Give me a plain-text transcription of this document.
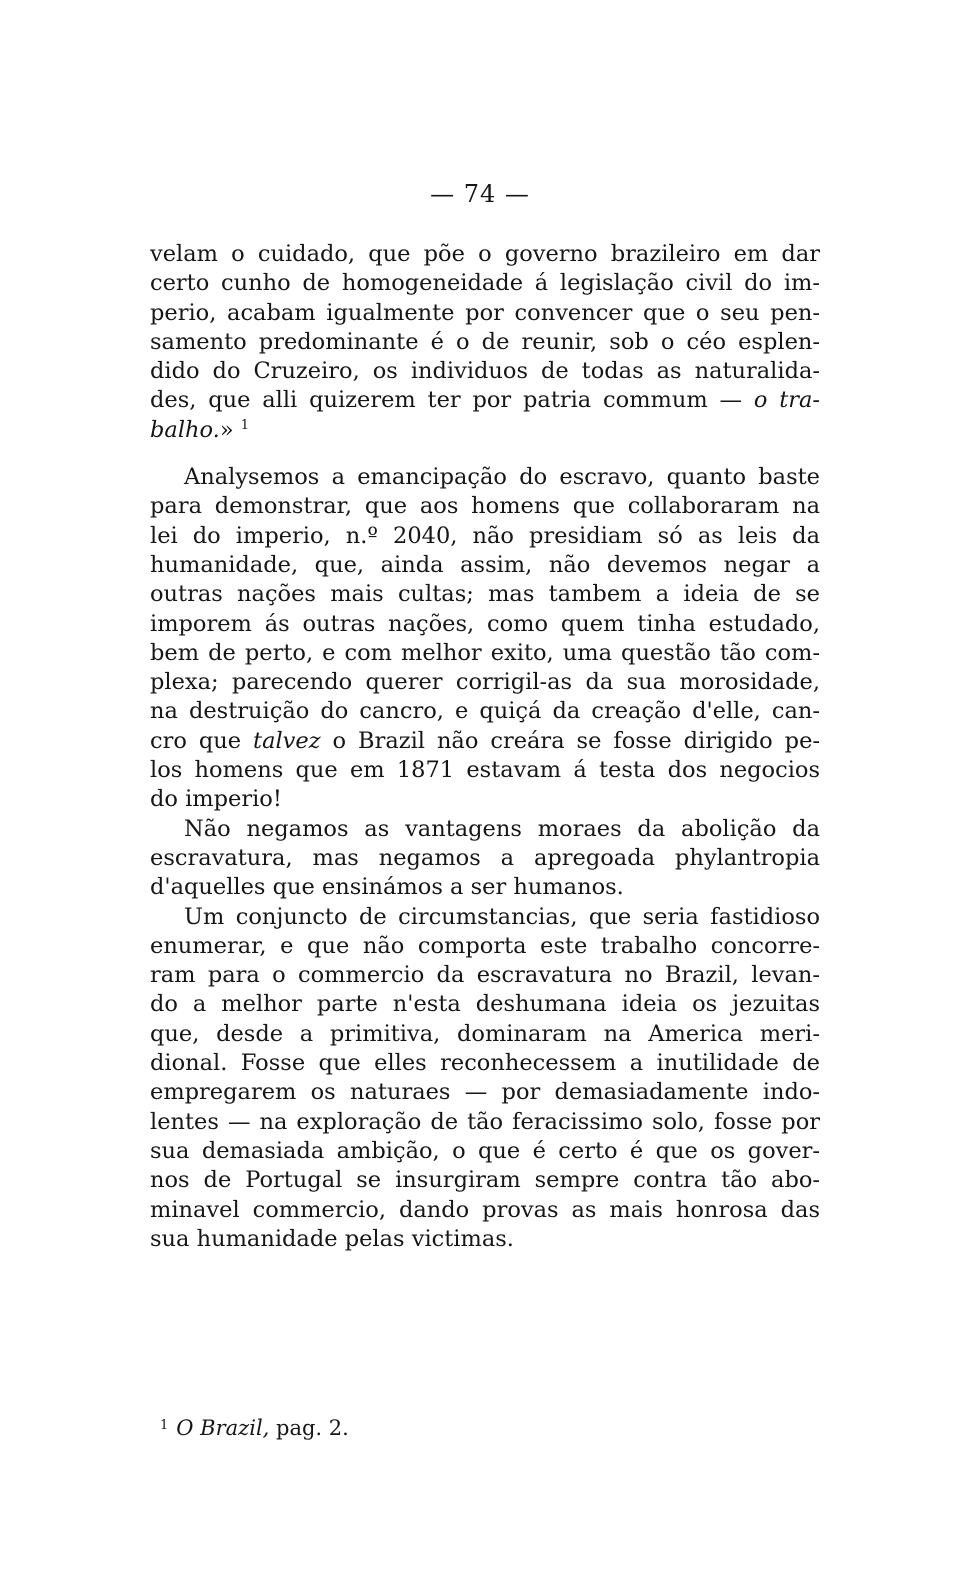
— 74 —
velam o cuidado, que põe o governo brazileiro em dar
certo cunho de homogeneidade á legislação civil do im-
perio, acabam igualmente por convencer que o seu pen-
samento predominante é o de reunir, sob o céo esplen-
dido do Cruzeiro, os individuos de todas as naturalida-
des, que alli quizerem ter por patria commum — o tra-
balho.» $^1$
Analysemos a emancipação do escravo, quanto baste
para demonstrar, que aos homens que collaboraram na
lei do imperio, n.º 2040, não presidiam só as leis da
humanidade, que, ainda assim, não devemos negar a
outras nações mais cultas; mas tambem a ideia de se
imporem ás outras nações, como quem tinha estudado,
bem de perto, e com melhor exito, uma questão tão com-
plexa; parecendo querer corrigil-as da sua morosidade,
na destruição do cancro, e quiçá da creação d'elle, can-
cro que talvez o Brazil não creára se fosse dirigido pe-
los homens que em 1871 estavam á testa dos negocios
do imperio!
Não negamos as vantagens moraes da abolição da
escravatura, mas negamos a apregoada phylantropia
d'aquelles que ensinámos a ser humanos.
Um conjuncto de circumstancias, que seria fastidioso
enumerar, e que não comporta este trabalho concorre-
ram para o commercio da escravatura no Brazil, levan-
do a melhor parte n'esta deshumana ideia os jezuitas
que, desde a primitiva, dominaram na America meri-
dional. Fosse que elles reconhecessem a inutilidade de
empregarem os naturaes — por demasiadamente indo-
lentes — na exploração de tão feracissimo solo, fosse por
sua demasiada ambição, o que é certo é que os gover-
nos de Portugal se insurgiram sempre contra tão abo-
minavel commercio, dando provas as mais honrosa das
sua humanidade pelas victimas.
$^1$ O Brazil, pag. 2.
